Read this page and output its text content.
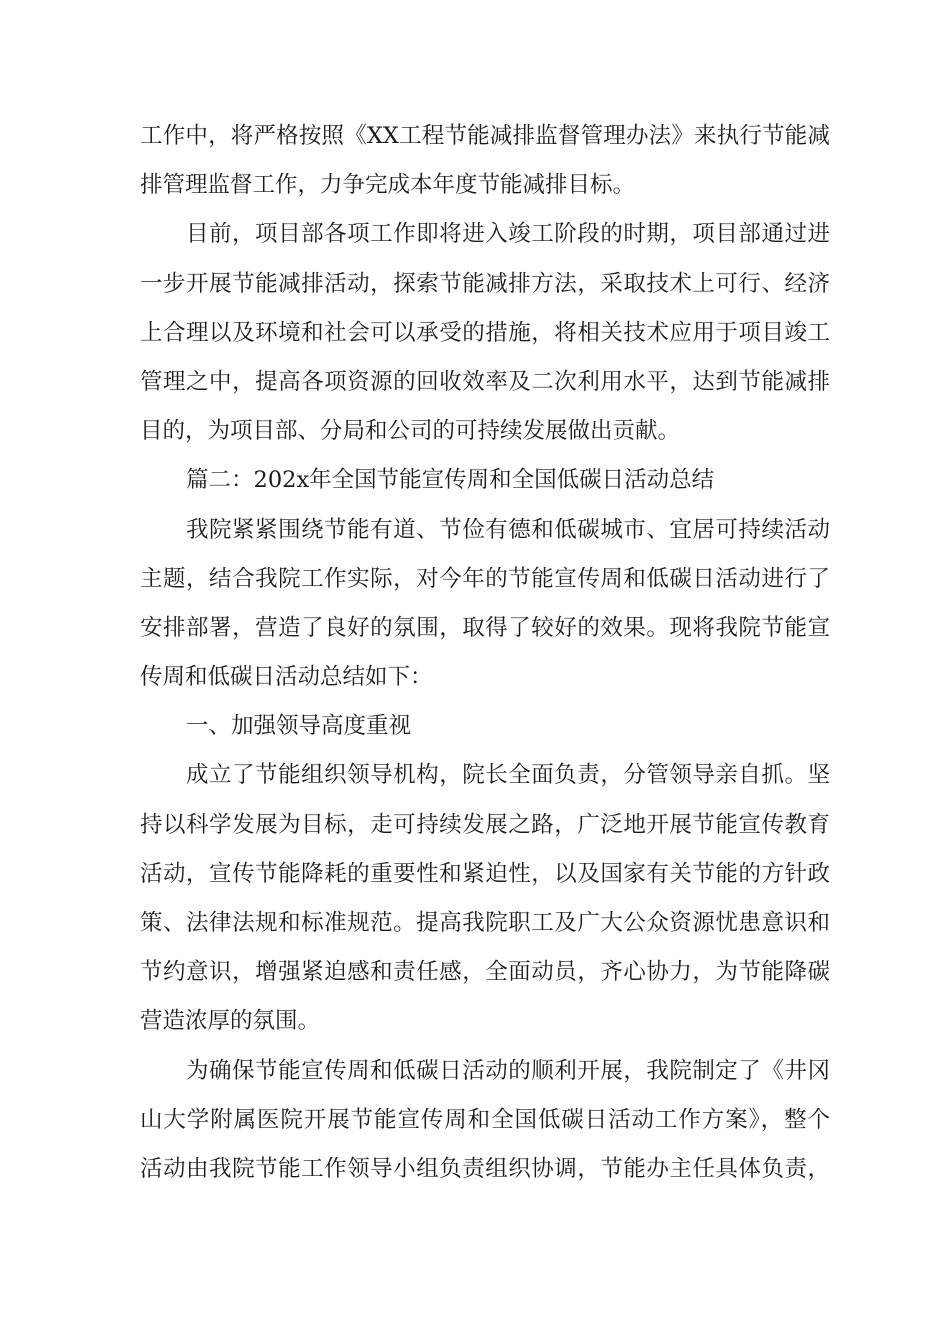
工作中，将严格按照《XX工程节能减排监督管理办法》来执行节能减
排管理监督工作，力争完成本年度节能减排目标。
目前，项目部各项工作即将进入竣工阶段的时期，项目部通过进
一步开展节能减排活动，探索节能减排方法，采取技术上可行、经济
上合理以及环境和社会可以承受的措施，将相关技术应用于项目竣工
管理之中，提高各项资源的回收效率及二次利用水平，达到节能减排
目的，为项目部、分局和公司的可持续发展做出贡献。
篇二：202x年全国节能宣传周和全国低碳日活动总结
我院紧紧围绕节能有道、节俭有德和低碳城市、宜居可持续活动
主题，结合我院工作实际，对今年的节能宣传周和低碳日活动进行了
安排部署，营造了良好的氛围，取得了较好的效果。现将我院节能宣
传周和低碳日活动总结如下：
一、加强领导高度重视
成立了节能组织领导机构，院长全面负责，分管领导亲自抓。坚
持以科学发展为目标，走可持续发展之路，广泛地开展节能宣传教育
活动，宣传节能降耗的重要性和紧迫性，以及国家有关节能的方针政
策、法律法规和标准规范。提高我院职工及广大公众资源忧患意识和
节约意识，增强紧迫感和责任感，全面动员，齐心协力，为节能降碳
营造浓厚的氛围。
为确保节能宣传周和低碳日活动的顺利开展，我院制定了《井冈
山大学附属医院开展节能宣传周和全国低碳日活动工作方案》，整个
活动由我院节能工作领导小组负责组织协调，节能办主任具体负责，
